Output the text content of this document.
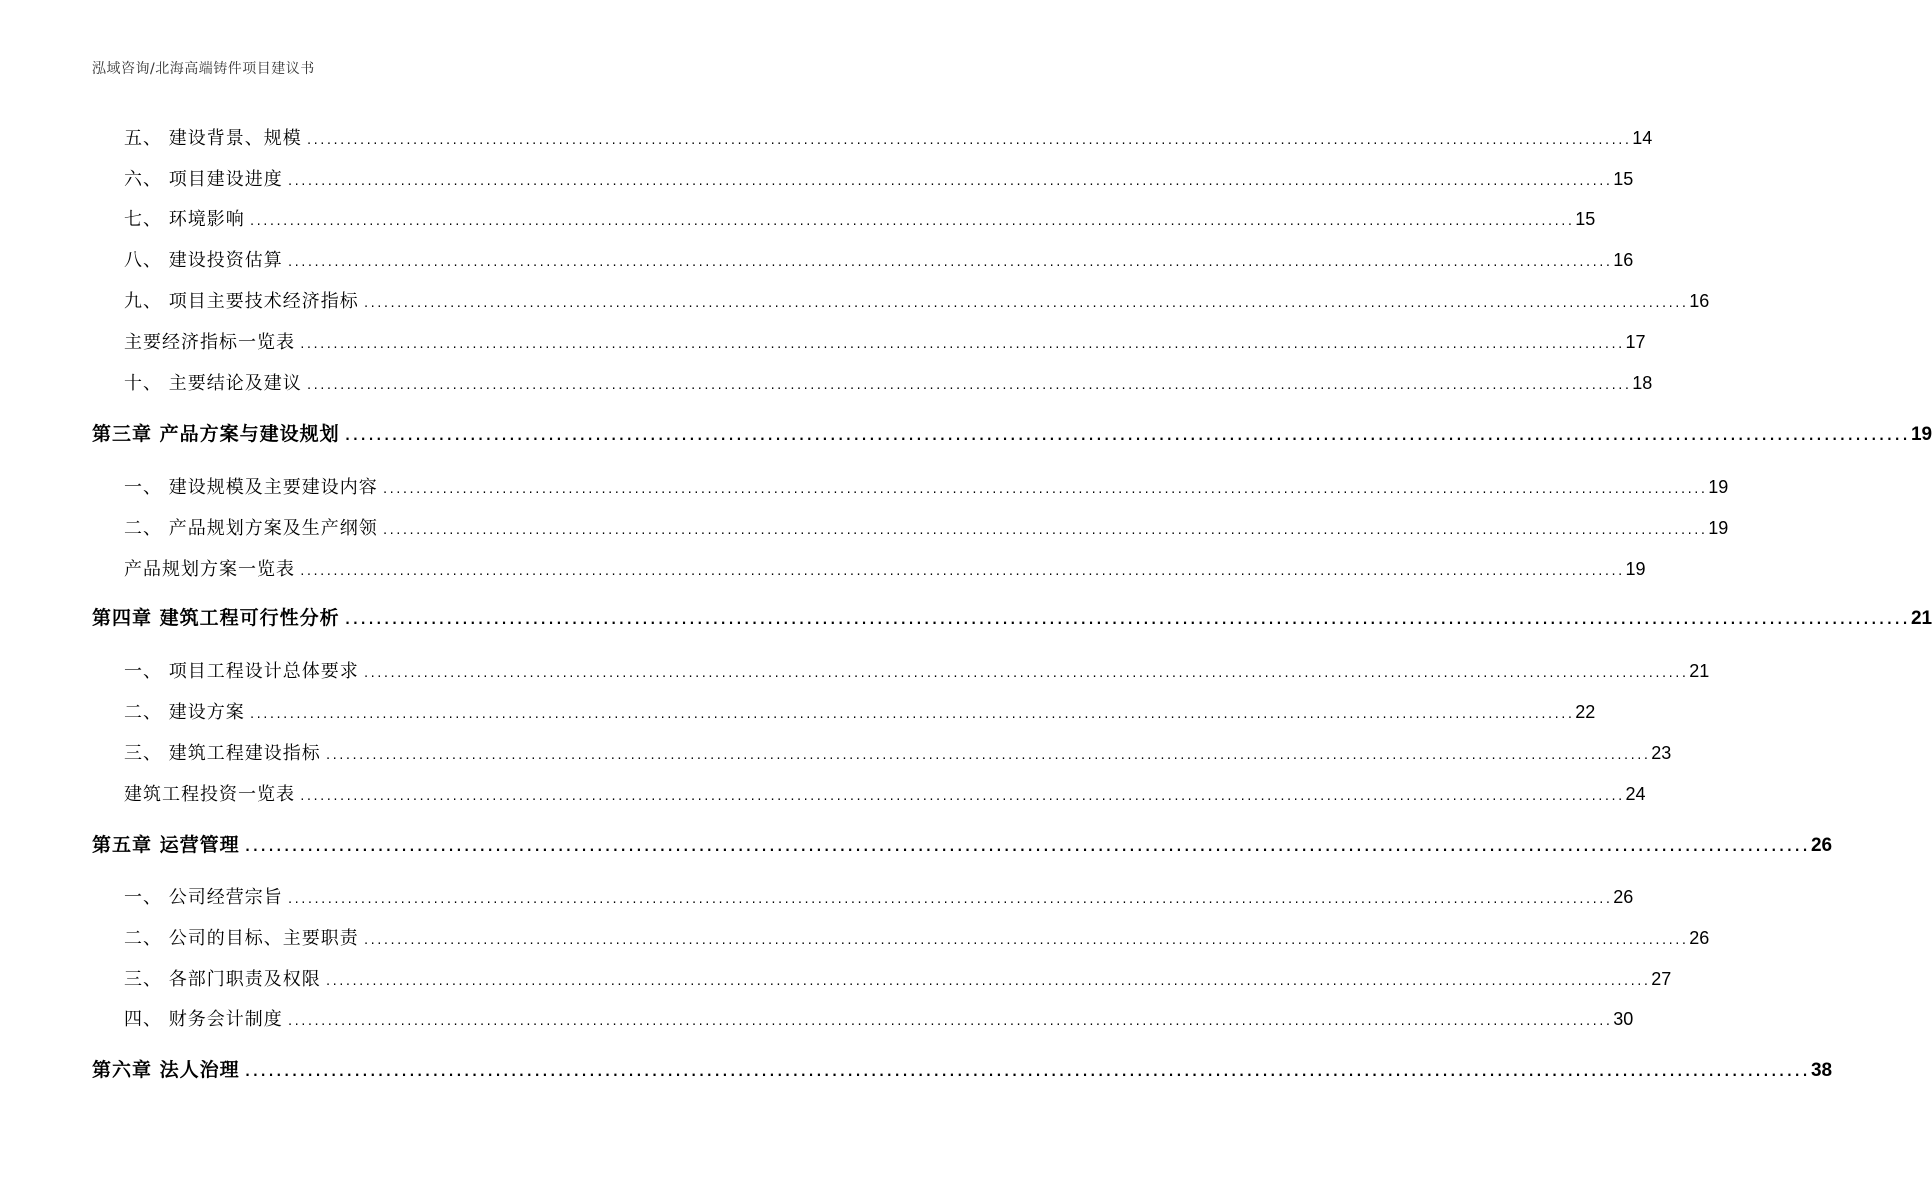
泓域咨询/北海高端铸件项目建议书
五、 建设背景、规模 ........................................................................................................................................................................................................ 14
六、 项目建设进度 ........................................................................................................................................................................................................ 15
七、 环境影响 ........................................................................................................................................................................................................ 15
八、 建设投资估算 ........................................................................................................................................................................................................ 16
九、 项目主要技术经济指标 ........................................................................................................................................................................................................ 16
主要经济指标一览表 ........................................................................................................................................................................................................ 17
十、 主要结论及建议 ........................................................................................................................................................................................................ 18
第三章 产品方案与建设规划 ........................................................................................................................................................................................................ 19
一、 建设规模及主要建设内容 ........................................................................................................................................................................................................ 19
二、 产品规划方案及生产纲领 ........................................................................................................................................................................................................ 19
产品规划方案一览表 ........................................................................................................................................................................................................ 19
第四章 建筑工程可行性分析 ........................................................................................................................................................................................................ 21
一、 项目工程设计总体要求 ........................................................................................................................................................................................................ 21
二、 建设方案 ........................................................................................................................................................................................................ 22
三、 建筑工程建设指标 ........................................................................................................................................................................................................ 23
建筑工程投资一览表 ........................................................................................................................................................................................................ 24
第五章 运营管理 ........................................................................................................................................................................................................ 26
一、 公司经营宗旨 ........................................................................................................................................................................................................ 26
二、 公司的目标、主要职责 ........................................................................................................................................................................................................ 26
三、 各部门职责及权限 ........................................................................................................................................................................................................ 27
四、 财务会计制度 ........................................................................................................................................................................................................ 30
第六章 法人治理 ........................................................................................................................................................................................................ 38
